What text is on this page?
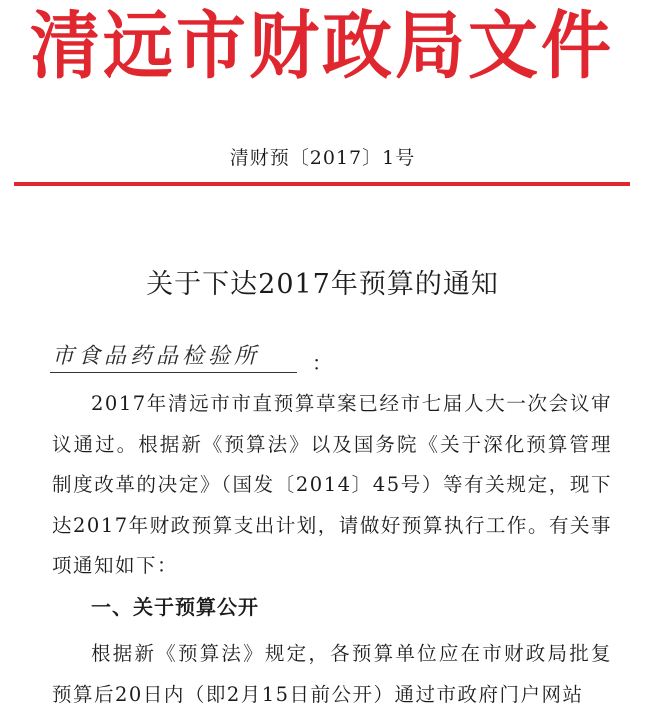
清远市财政局文件
清财预〔2017〕1号
关于下达2017年预算的通知
市食品药品检验所	：
2017年清远市市直预算草案已经市七届人大一次会议审议通过。根据新《预算法》以及国务院《关于深化预算管理制度改革的决定》（国发〔2014〕45号）等有关规定，现下达2017年财政预算支出计划，请做好预算执行工作。有关事项通知如下：
一、关于预算公开
根据新《预算法》规定，各预算单位应在市财政局批复预算后20日内（即2月15日前公开）通过市政府门户网站
